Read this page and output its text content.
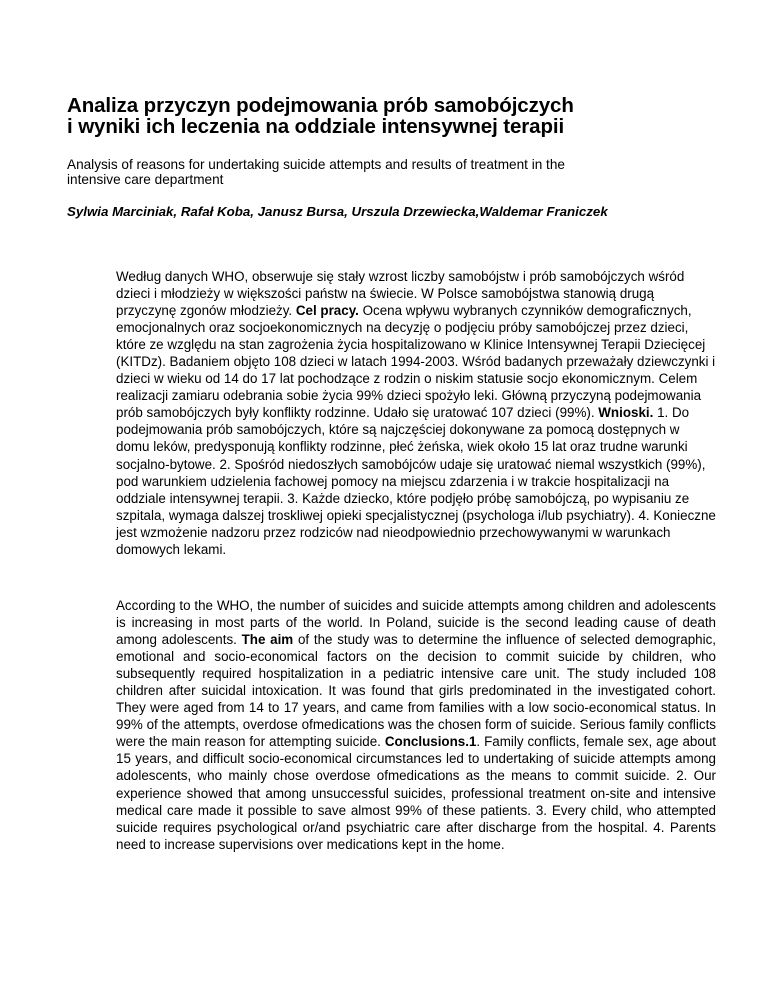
Analiza przyczyn podejmowania prób samobójczych
i wyniki ich leczenia na oddziale intensywnej terapii

Analysis of reasons for undertaking suicide attempts and results of treatment in the
intensive care department

Sylwia Marciniak, Rafał Koba, Janusz Bursa, Urszula Drzewiecka,Waldemar Franiczek

Według danych WHO, obserwuje się stały wzrost liczby samobójstw i prób samobójczych wśród dzieci i młodzieży w większości państw na świecie. W Polsce samobójstwa stanowią drugą przyczynę zgonów młodzieży. Cel pracy. Ocena wpływu wybranych czynników demograficznych, emocjonalnych oraz socjoekonomicznych na decyzję o podjęciu próby samobójczej przez dzieci, które ze względu na stan zagrożenia życia hospitalizowano w Klinice Intensywnej Terapii Dziecięcej (KITDz). Badaniem objęto 108 dzieci w latach 1994-2003. Wśród badanych przeważały dziewczynki i dzieci w wieku od 14 do 17 lat pochodzące z rodzin o niskim statusie socjo ekonomicznym. Celem realizacji zamiaru odebrania sobie życia 99% dzieci spożyło leki. Główną przyczyną podejmowania prób samobójczych były konflikty rodzinne. Udało się uratować 107 dzieci (99%). Wnioski. 1. Do podejmowania prób samobójczych, które są najczęściej dokonywane za pomocą dostępnych w domu leków, predysponują konflikty rodzinne, płeć żeńska, wiek około 15 lat oraz trudne warunki socjalno-bytowe. 2. Spośród niedoszłych samobójców udaje się uratować niemal wszystkich (99%), pod warunkiem udzielenia fachowej pomocy na miejscu zdarzenia i w trakcie hospitalizacji na oddziale intensywnej terapii. 3. Każde dziecko, które podjęło próbę samobójczą, po wypisaniu ze szpitala, wymaga dalszej troskliwej opieki specjalistycznej (psychologa i/lub psychiatry). 4. Konieczne jest wzmożenie nadzoru przez rodziców nad nieodpowiednio przechowywanymi w warunkach domowych lekami.

According to the WHO, the number of suicides and suicide attempts among children and adolescents is increasing in most parts of the world. In Poland, suicide is the second leading cause of death among adolescents. The aim of the study was to determine the influence of selected demographic, emotional and socio-economical factors on the decision to commit suicide by children, who subsequently required hospitalization in a pediatric intensive care unit. The study included 108 children after suicidal intoxication. It was found that girls predominated in the investigated cohort. They were aged from 14 to 17 years, and came from families with a low socio-economical status. In 99% of the attempts, overdose ofmedications was the chosen form of suicide. Serious family conflicts were the main reason for attempting suicide. Conclusions.1. Family conflicts, female sex, age about 15 years, and difficult socio-economical circumstances led to undertaking of suicide attempts among adolescents, who mainly chose overdose ofmedications as the means to commit suicide. 2. Our experience showed that among unsuccessful suicides, professional treatment on-site and intensive medical care made it possible to save almost 99% of these patients. 3. Every child, who attempted suicide requires psychological or/and psychiatric care after discharge from the hospital. 4. Parents need to increase supervisions over medications kept in the home.
